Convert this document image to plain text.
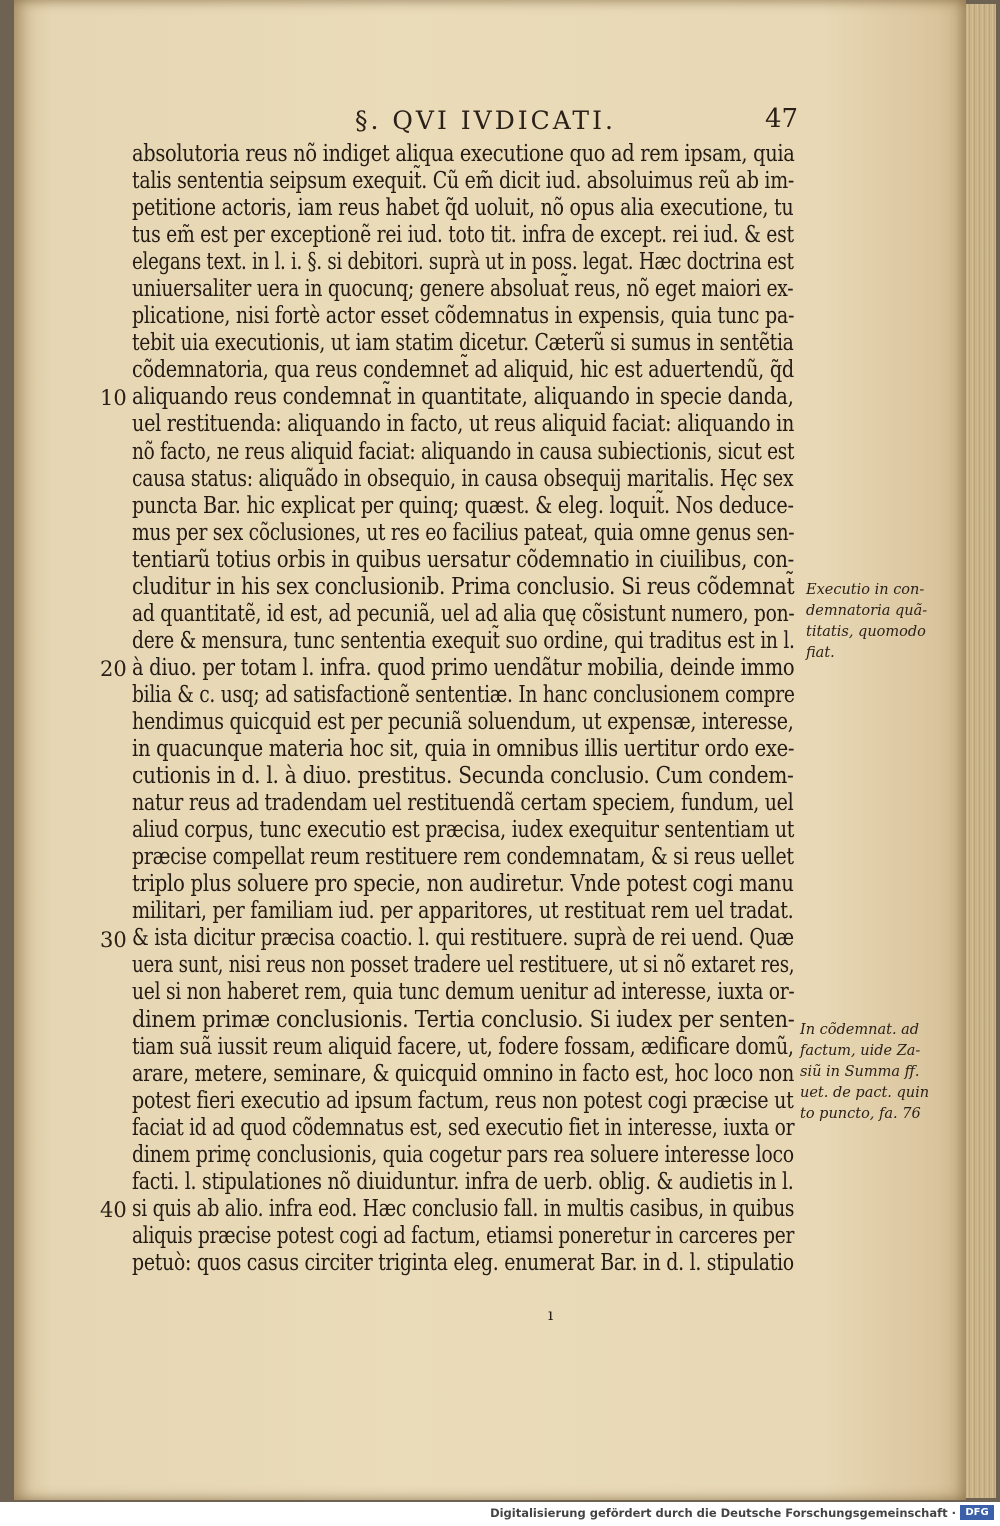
§. QVI IVDICATI.	47
absolutoria reus nõ indiget aliqua executione quo ad rem ipsam, quia
talis sententia seipsum exequit̃. Cũ em̃ dicit iud. absoluimus reũ ab im-
petitione actoris, iam reus habet q̃d uoluit, nõ opus alia executione, tu
tus em̃ est per exceptionẽ rei iud. toto tit. infra de except. rei iud. & est
elegans text. in l. i. §. si debitori. suprà ut in poss. legat. Hæc doctrina est
uniuersaliter uera in quocunq; genere absoluat̃ reus, nõ eget maiori ex-
plicatione, nisi fortè actor esset cõdemnatus in expensis, quia tunc pa-
tebit uia executionis, ut iam statim dicetur. Cæterũ si sumus in sentẽtia
cõdemnatoria, qua reus condemnet̃ ad aliquid, hic est aduertendũ, q̃d
aliquando reus condemnat̃ in quantitate, aliquando in specie danda,
uel restituenda: aliquando in facto, ut reus aliquid faciat: aliquando in
nõ facto, ne reus aliquid faciat: aliquando in causa subiectionis, sicut est
causa status: aliquãdo in obsequio, in causa obsequij maritalis. Hęc sex
puncta Bar. hic explicat per quinq; quæst. & eleg. loquit̃. Nos deduce-
mus per sex cõclusiones, ut res eo facilius pateat, quia omne genus sen-
tentiarũ totius orbis in quibus uersatur cõdemnatio in ciuilibus, con-
cluditur in his sex conclusionib. Prima conclusio. Si reus cõdemnat̃
ad quantitatẽ, id est, ad pecuniã, uel ad alia quę cõsistunt numero, pon-
dere & mensura, tunc sententia exequit̃ suo ordine, qui traditus est in l.
à diuo. per totam l. infra. quod primo uendãtur mobilia, deinde immo
bilia & c. usq; ad satisfactionẽ sententiæ. In hanc conclusionem compre
hendimus quicquid est per pecuniã soluendum, ut expensæ, interesse,
in quacunque materia hoc sit, quia in omnibus illis uertitur ordo exe-
cutionis in d. l. à diuo. prestitus. Secunda conclusio. Cum condem-
natur reus ad tradendam uel restituendã certam speciem, fundum, uel
aliud corpus, tunc executio est præcisa, iudex exequitur sententiam ut
præcise compellat reum restituere rem condemnatam, & si reus uellet
triplo plus soluere pro specie, non audiretur. Vnde potest cogi manu
militari, per familiam iud. per apparitores, ut restituat rem uel tradat.
& ista dicitur præcisa coactio. l. qui restituere. suprà de rei uend. Quæ
uera sunt, nisi reus non posset tradere uel restituere, ut si nõ extaret res,
uel si non haberet rem, quia tunc demum uenitur ad interesse, iuxta or-
dinem primæ conclusionis. Tertia conclusio. Si iudex per senten-
tiam suã iussit reum aliquid facere, ut, fodere fossam, ædificare domũ,
arare, metere, seminare, & quicquid omnino in facto est, hoc loco non
potest fieri executio ad ipsum factum, reus non potest cogi præcise ut
faciat id ad quod cõdemnatus est, sed executio fiet in interesse, iuxta or
dinem primę conclusionis, quia cogetur pars rea soluere interesse loco
facti. l. stipulationes nõ diuiduntur. infra de uerb. oblig. & audietis in l.
si quis ab alio. infra eod. Hæc conclusio fall. in multis casibus, in quibus
aliquis præcise potest cogi ad factum, etiamsi poneretur in carceres per
petuò: quos casus circiter triginta eleg. enumerat Bar. in d. l. stipulatio
10
20
30
40
Executio in con-
demnatoria quã-
titatis, quomodo
fiat.
In cõdemnat. ad
factum, uide Za-
siũ in Summa ff.
uet. de pact. quin
to puncto, fa. 76
ı
Digitalisierung gefördert durch die Deutsche Forschungsgemeinschaft · DFG
